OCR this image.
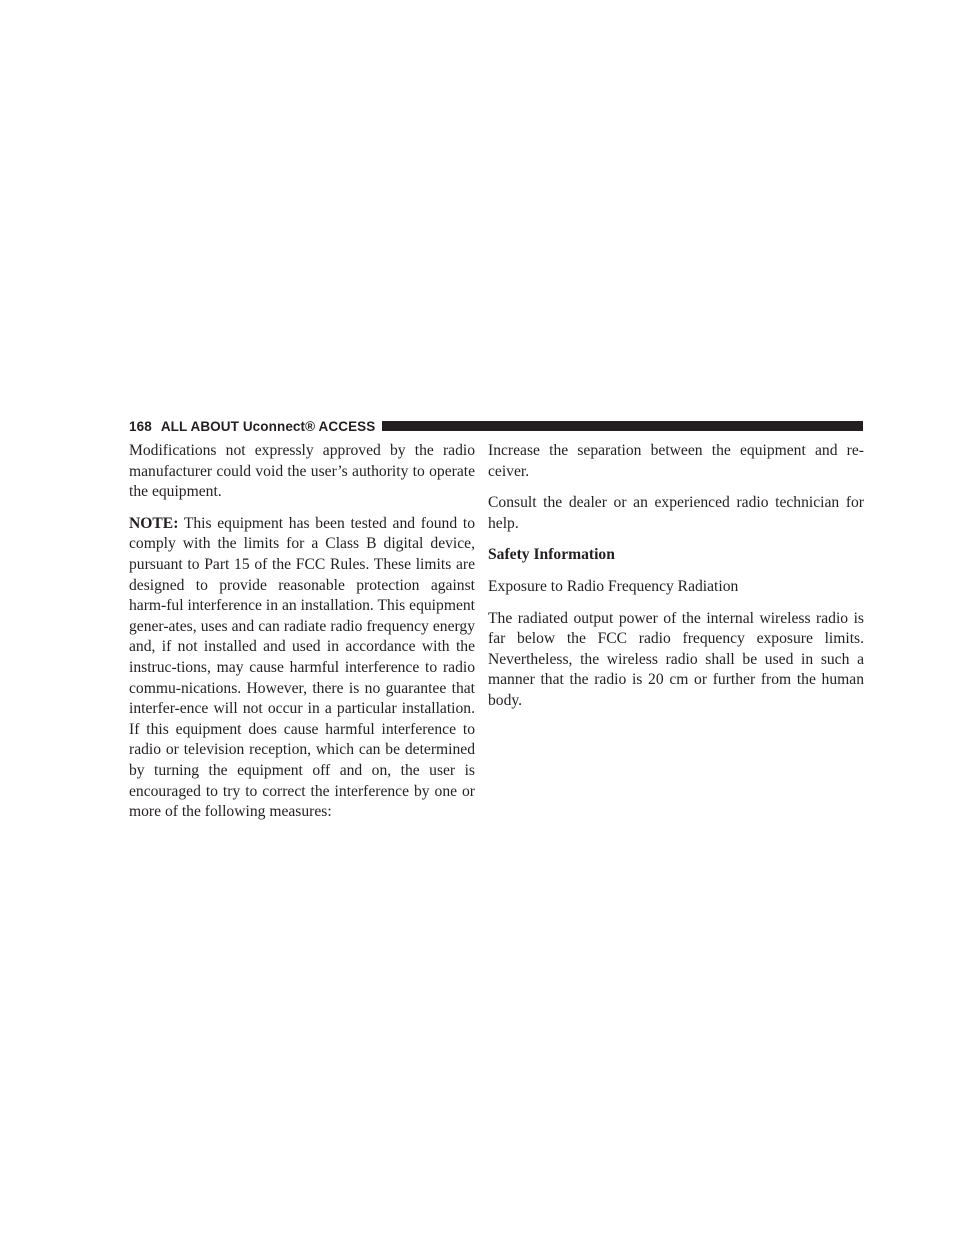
168 ALL ABOUT Uconnect® ACCESS

Modifications not expressly approved by the radio manufacturer could void the user’s authority to operate the equipment.

NOTE: This equipment has been tested and found to comply with the limits for a Class B digital device, pursuant to Part 15 of the FCC Rules. These limits are designed to provide reasonable protection against harm-ful interference in an installation. This equipment gener-ates, uses and can radiate radio frequency energy and, if not installed and used in accordance with the instruc-tions, may cause harmful interference to radio commu-nications. However, there is no guarantee that interfer-ence will not occur in a particular installation. If this equipment does cause harmful interference to radio or television reception, which can be determined by turning the equipment off and on, the user is encouraged to try to correct the interference by one or more of the following measures:

Increase the separation between the equipment and re-ceiver.

Consult the dealer or an experienced radio technician for help.

Safety Information

Exposure to Radio Frequency Radiation

The radiated output power of the internal wireless radio is far below the FCC radio frequency exposure limits. Nevertheless, the wireless radio shall be used in such a manner that the radio is 20 cm or further from the human body.
